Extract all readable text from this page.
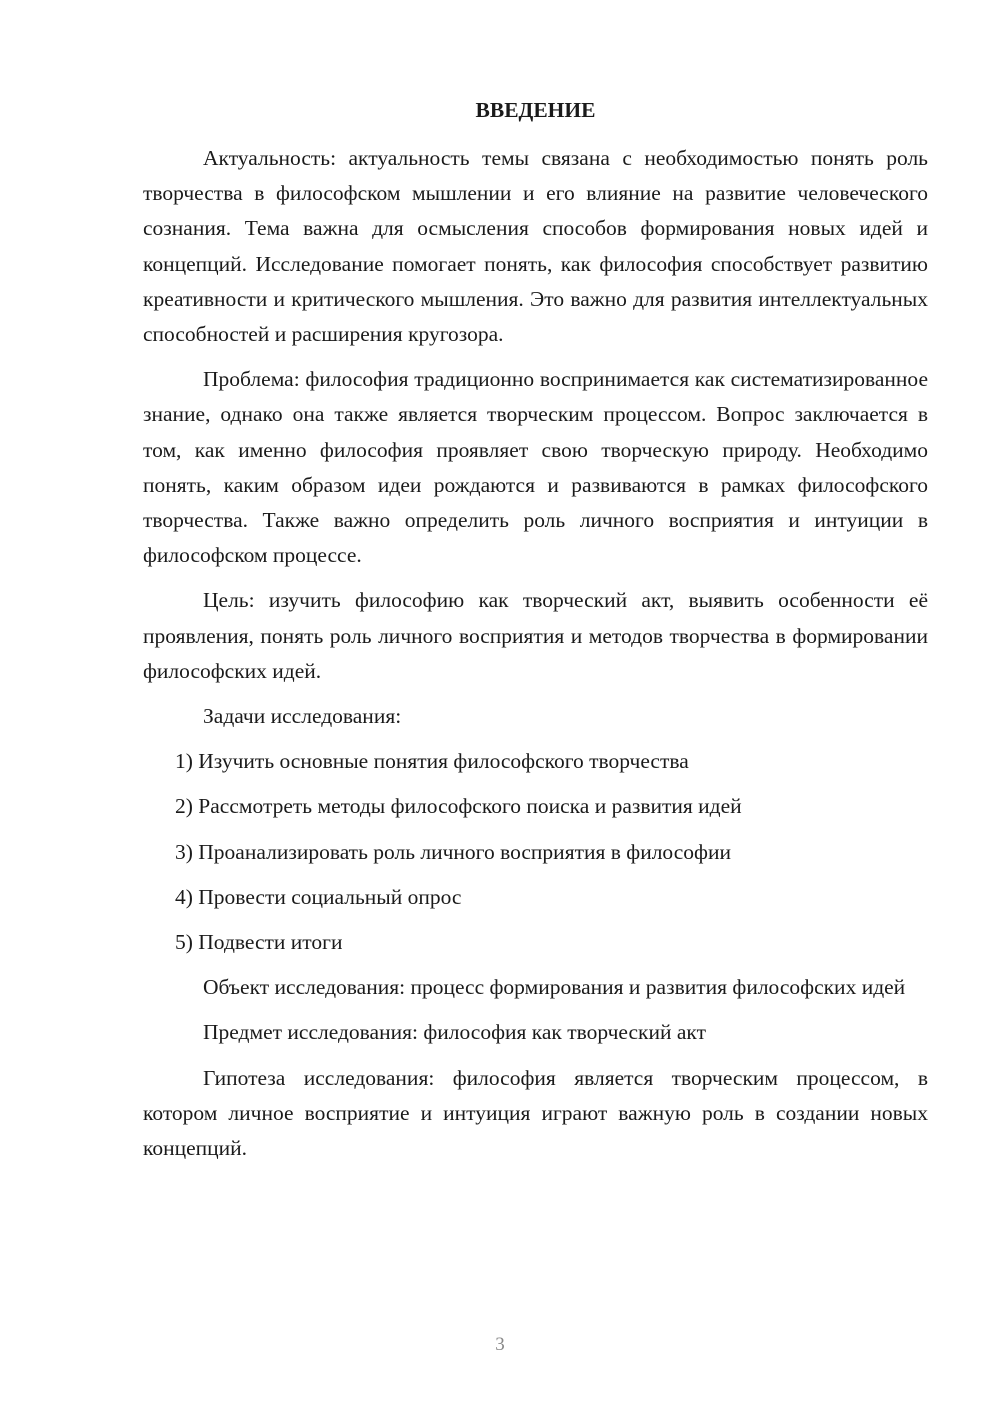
ВВЕДЕНИЕ

Актуальность: актуальность темы связана с необходимостью понять роль творчества в философском мышлении и его влияние на развитие человеческого сознания. Тема важна для осмысления способов формирования новых идей и концепций. Исследование помогает понять, как философия способствует развитию креативности и критического мышления. Это важно для развития интеллектуальных способностей и расширения кругозора.

Проблема: философия традиционно воспринимается как систематизированное знание, однако она также является творческим процессом. Вопрос заключается в том, как именно философия проявляет свою творческую природу. Необходимо понять, каким образом идеи рождаются и развиваются в рамках философского творчества. Также важно определить роль личного восприятия и интуиции в философском процессе.

Цель: изучить философию как творческий акт, выявить особенности её проявления, понять роль личного восприятия и методов творчества в формировании философских идей.

Задачи исследования:

1) Изучить основные понятия философского творчества
2) Рассмотреть методы философского поиска и развития идей
3) Проанализировать роль личного восприятия в философии
4) Провести социальный опрос
5) Подвести итоги

Объект исследования: процесс формирования и развития философских идей

Предмет исследования: философия как творческий акт

Гипотеза исследования: философия является творческим процессом, в котором личное восприятие и интуиция играют важную роль в создании новых концепций.

3
